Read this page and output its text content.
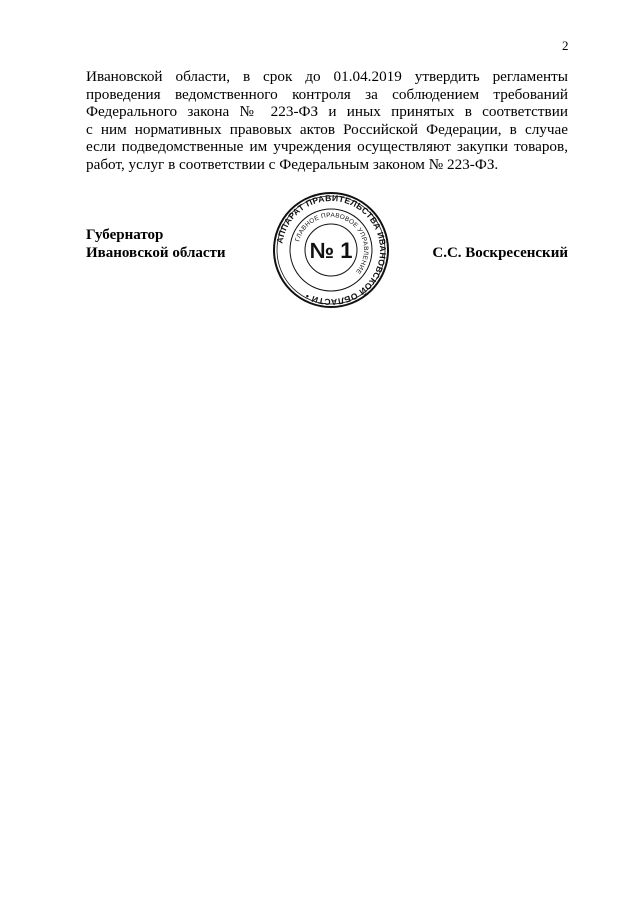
2
Ивановской области, в срок до 01.04.2019 утвердить регламенты
проведения ведомственного контроля за соблюдением требований
Федерального закона № 223-ФЗ и иных принятых в соответствии
с ним нормативных правовых актов Российской Федерации, в случае
если подведомственные им учреждения осуществляют закупки товаров,
работ, услуг в соответствии с Федеральным законом № 223-ФЗ.
Губернатор
Ивановской области	С.С. Воскресенский
АППАРАТ ПРАВИТЕЛЬСТВА ИВАНОВСКОЙ ОБЛАСТИ •
ГЛАВНОЕ ПРАВОВОЕ УПРАВЛЕНИЕ
№ 1
